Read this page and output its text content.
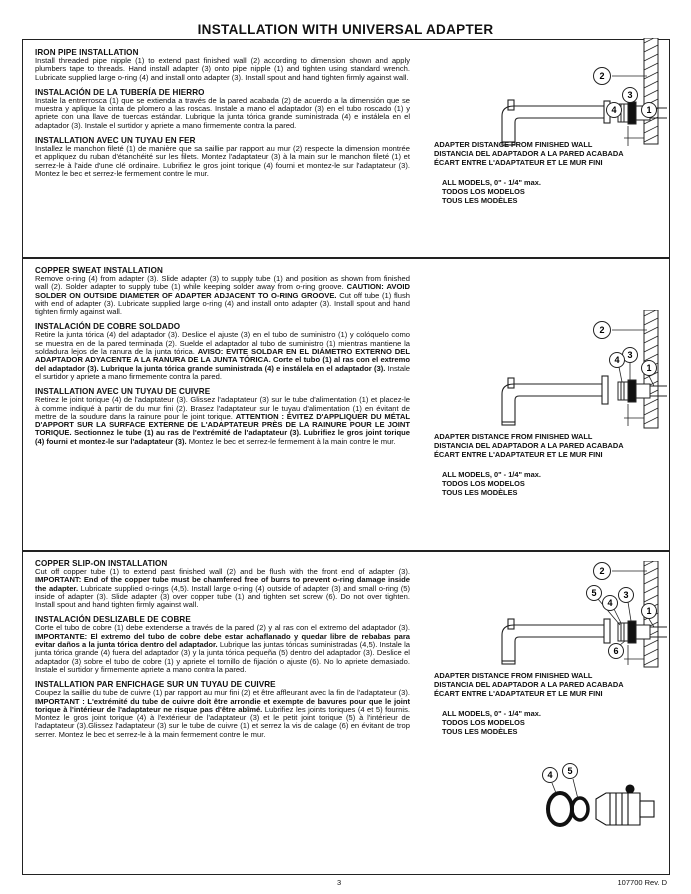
INSTALLATION WITH UNIVERSAL ADAPTER
IRON PIPE INSTALLATION

Install threaded pipe nipple (1) to extend past finished wall (2) according to dimension shown and apply plumbers tape to threads. Hand install adapter (3) onto pipe nipple (1) and tighten using standard wrench. Lubricate supplied large o-ring (4) and install onto adapter (3). Install spout and hand tighten firmly against wall.

INSTALACIÓN DE LA TUBERÍA DE HIERRO

Instale la entrerrosca (1) que se extienda a través de la pared acabada (2) de acuerdo a la dimensión que se muestra y aplique la cinta de plomero a las roscas. Instale a mano el adaptador (3) en el tubo roscado (1) y apriete con una llave de tuercas estándar. Lubrique la junta tórica grande suministrada (4) e instálela en el adaptador (3). Instale el surtidor y apriete a mano firmemente contra la pared.

INSTALLATION AVEC UN TUYAU EN FER

Installez le manchon fileté (1) de manière que sa saillie par rapport au mur (2) respecte la dimension montrée et appliquez du ruban d'étanchéité sur les filets. Montez l'adaptateur (3) à la main sur le manchon fileté (1) et serrez-le à l'aide d'une clé ordinaire. Lubrifiez le gros joint torique (4) fourni et montez-le sur l'adaptateur (3). Montez le bec et serrez-le fermement contre le mur.

2
3
4	1
ADAPTER DISTANCE FROM FINISHED WALL
DISTANCIA DEL ADAPTADOR A LA PARED ACABADA
ÉCART ENTRE L'ADAPTATEUR ET LE MUR FINI
ALL MODELS, 0" - 1/4" max.
TODOS LOS MODELOS
TOUS LES MODÈLES
COPPER SWEAT INSTALLATION

Remove o-ring (4) from adapter (3). Slide adapter (3) to supply tube (1) and position as shown from finished wall (2). Solder adapter to supply tube (1) while keeping solder away from o-ring groove. CAUTION: AVOID SOLDER ON OUTSIDE DIAMETER OF ADAPTER ADJACENT TO O-RING GROOVE. Cut off tube (1) flush with end of adapter (3). Lubricate supplied large o-ring (4) and install onto adapter (3). Install spout and hand tighten firmly against wall.

INSTALACIÓN DE COBRE SOLDADO

Retire la junta tórica (4) del adaptador (3). Deslice el ajuste (3) en el tubo de suministro (1) y colóquelo como se muestra en de la pared terminada (2). Suelde el adaptador al tubo de suministro (1) mientras mantiene la soldadura lejos de la ranura de la junta tórica. AVISO: EVITE SOLDAR EN EL DIÁMETRO EXTERNO DEL ADAPTADOR ADYACENTE A LA RANURA DE LA JUNTA TÓRICA. Corte el tubo (1) al ras con el extremo del adaptador (3). Lubrique la junta tórica grande suministrada (4) e instálela en el adaptador (3). Instale el surtidor y apriete a mano firmemente contra la pared.

INSTALLATION AVEC UN TUYAU DE CUIVRE

Retirez le joint torique (4) de l'adaptateur (3). Glissez l'adaptateur (3) sur le tube d'alimentation (1) et placez-le à comme indiqué à partir de du mur fini (2). Brasez l'adaptateur sur le tuyau d'alimentation (1) en évitant de mettre de la soudure dans la rainure pour le joint torique. ATTENTION : ÉVITEZ D'APPLIQUER DU MÉTAL D'APPORT SUR LA SURFACE EXTERNE DE L'ADAPTATEUR PRÈS DE LA RAINURE POUR LE JOINT TORIQUE. Sectionnez le tube (1) au ras de l'extrémité de l'adaptateur (3). Lubrifiez le gros joint torique (4) fourni et montez-le sur l'adaptateur (3). Montez le bec et serrez-le fermement à la main contre le mur.

2
3
4
1
ADAPTER DISTANCE FROM FINISHED WALL
DISTANCIA DEL ADAPTADOR A LA PARED ACABADA
ÉCART ENTRE L'ADAPTATEUR ET LE MUR FINI
ALL MODELS, 0" - 1/4" max.
TODOS LOS MODELOS
TOUS LES MODÈLES
COPPER SLIP-ON INSTALLATION

Cut off copper tube (1) to extend past finished wall (2) and be flush with the front end of adapter (3). IMPORTANT: End of the copper tube must be chamfered free of burrs to prevent o-ring damage inside the adapter. Lubricate supplied o-rings (4,5). Install large o-ring (4) outside of adapter (3) and small o-ring (5) inside of adapter (3). Slide adapter (3) over copper tube (1) and tighten set screw (6). Do not over tighten. Install spout and hand tighten firmly against wall.

INSTALACIÓN DESLIZABLE DE COBRE

Corte el tubo de cobre (1) debe extenderse a través de la pared (2) y al ras con el extremo del adaptador (3). IMPORTANTE: El extremo del tubo de cobre debe estar achaflanado y quedar libre de rebabas para evitar daños a la junta tórica dentro del adaptador. Lubrique las juntas tóricas suministradas (4,5). Instale la junta tórica grande (4) fuera del adaptador (3) y la junta tórica pequeña (5) dentro del adaptador (3). Deslice el adaptador (3) sobre el tubo de cobre (1) y apriete el tornillo de fijación o ajuste (6). No lo apriete demasiado. Instale el surtidor y firmemente apriete a mano contra la pared.

INSTALLATION PAR ENFICHAGE SUR UN TUYAU DE CUIVRE

Coupez la saillie du tube de cuivre (1) par rapport au mur fini (2) et être affleurant avec la fin de l'adaptateur (3). IMPORTANT : L'extrémité du tube de cuivre doit être arrondie et exempte de bavures pour que le joint torique à l'intérieur de l'adaptateur ne risque pas d'être abîmé. Lubrifiez les joints toriques (4 et 5) fournis. Montez le gros joint torique (4) à l'extérieur de l'adaptateur (3) et le petit joint torique (5) à l'intérieur de l'adaptateur (3).Glissez l'adaptateur (3) sur le tube de cuivre (1) et serrez la vis de calage (6) en évitant de trop serrer. Montez le bec et serrez-le à la main fermement contre le mur.

2
5	3
4
1
6
ADAPTER DISTANCE FROM FINISHED WALL
DISTANCIA DEL ADAPTADOR A LA PARED ACABADA
ÉCART ENTRE L'ADAPTATEUR ET LE MUR FINI
ALL MODELS, 0" - 1/4" max.
TODOS LOS MODELOS
TOUS LES MODÈLES
4 5
3	107700 Rev. D
